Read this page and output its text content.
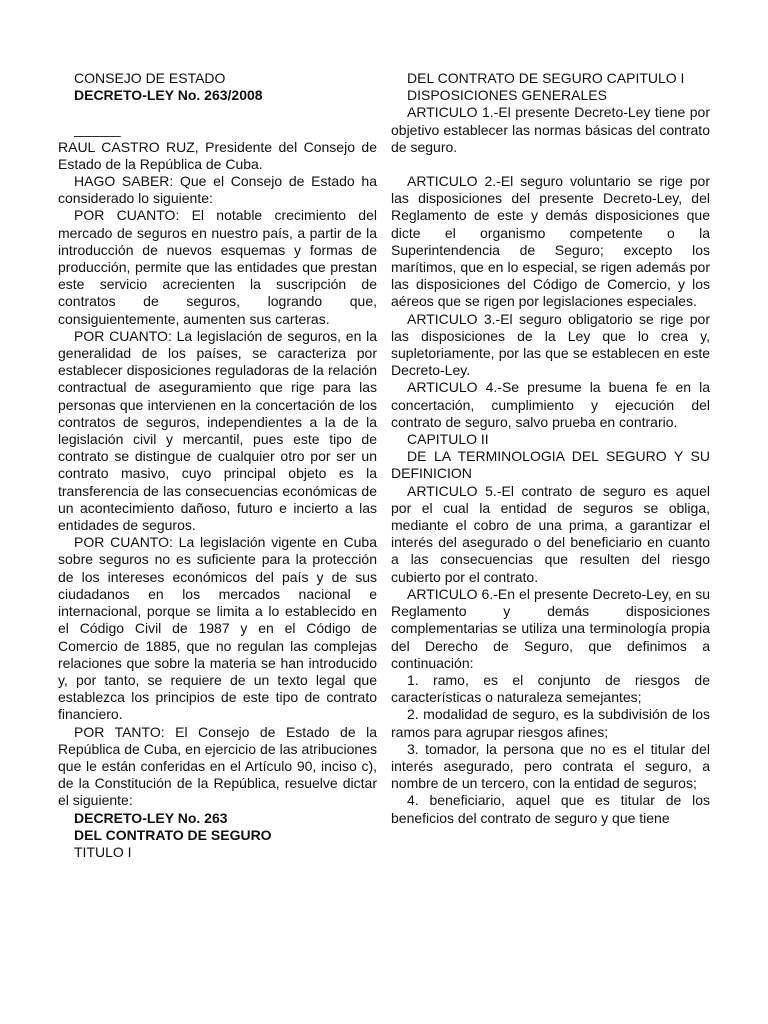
CONSEJO DE ESTADO

DECRETO-LEY No. 263/2008

______

RAUL CASTRO RUZ, Presidente del Consejo de Estado de la República de Cuba.

HAGO SABER: Que el Consejo de Estado ha considerado lo siguiente:

POR CUANTO: El notable crecimiento del mercado de seguros en nuestro país, a partir de la introducción de nuevos esquemas y formas de producción, permite que las entidades que prestan este servicio acrecienten la suscripción de contratos de seguros, logrando que, consiguientemente, aumenten sus carteras.

POR CUANTO: La legislación de seguros, en la generalidad de los países, se caracteriza por establecer disposiciones reguladoras de la relación contractual de aseguramiento que rige para las personas que intervienen en la concertación de los contratos de seguros, independientes a la de la legislación civil y mercantil, pues este tipo de contrato se distingue de cualquier otro por ser un contrato masivo, cuyo principal objeto es la transferencia de las consecuencias económicas de un acontecimiento dañoso, futuro e incierto a las entidades de seguros.

POR CUANTO: La legislación vigente en Cuba sobre seguros no es suficiente para la protección de los intereses económicos del país y de sus ciudadanos en los mercados nacional e internacional, porque se limita a lo establecido en el Código Civil de 1987 y en el Código de Comercio de 1885, que no regulan las complejas relaciones que sobre la materia se han introducido y, por tanto, se requiere de un texto legal que establezca los principios de este tipo de contrato financiero.

POR TANTO: El Consejo de Estado de la República de Cuba, en ejercicio de las atribuciones que le están conferidas en el Artículo 90, inciso c), de la Constitución de la República, resuelve dictar el siguiente:

DECRETO-LEY No. 263

DEL CONTRATO DE SEGURO

TITULO I

DEL CONTRATO DE SEGURO CAPITULO I

DISPOSICIONES GENERALES

ARTICULO 1.-El presente Decreto-Ley tiene por objetivo establecer las normas básicas del contrato de seguro.

ARTICULO 2.-El seguro voluntario se rige por las disposiciones del presente Decreto-Ley, del Reglamento de este y demás disposiciones que dicte el organismo competente o la Superintendencia de Seguro; excepto los marítimos, que en lo especial, se rigen además por las disposiciones del Código de Comercio, y los aéreos que se rigen por legislaciones especiales.

ARTICULO 3.-El seguro obligatorio se rige por las disposiciones de la Ley que lo crea y, supletoriamente, por las que se establecen en este Decreto-Ley.

ARTICULO 4.-Se presume la buena fe en la concertación, cumplimiento y ejecución del contrato de seguro, salvo prueba en contrario.

CAPITULO II

DE LA TERMINOLOGIA DEL SEGURO Y SU DEFINICION

ARTICULO 5.-El contrato de seguro es aquel por el cual la entidad de seguros se obliga, mediante el cobro de una prima, a garantizar el interés del asegurado o del beneficiario en cuanto a las consecuencias que resulten del riesgo cubierto por el contrato.

ARTICULO 6.-En el presente Decreto-Ley, en su Reglamento y demás disposiciones complementarias se utiliza una terminología propia del Derecho de Seguro, que definimos a continuación:

1. ramo, es el conjunto de riesgos de características o naturaleza semejantes;

2. modalidad de seguro, es la subdivisión de los ramos para agrupar riesgos afines;

3. tomador, la persona que no es el titular del interés asegurado, pero contrata el seguro, a nombre de un tercero, con la entidad de seguros;

4. beneficiario, aquel que es titular de los beneficios del contrato de seguro y que tiene
